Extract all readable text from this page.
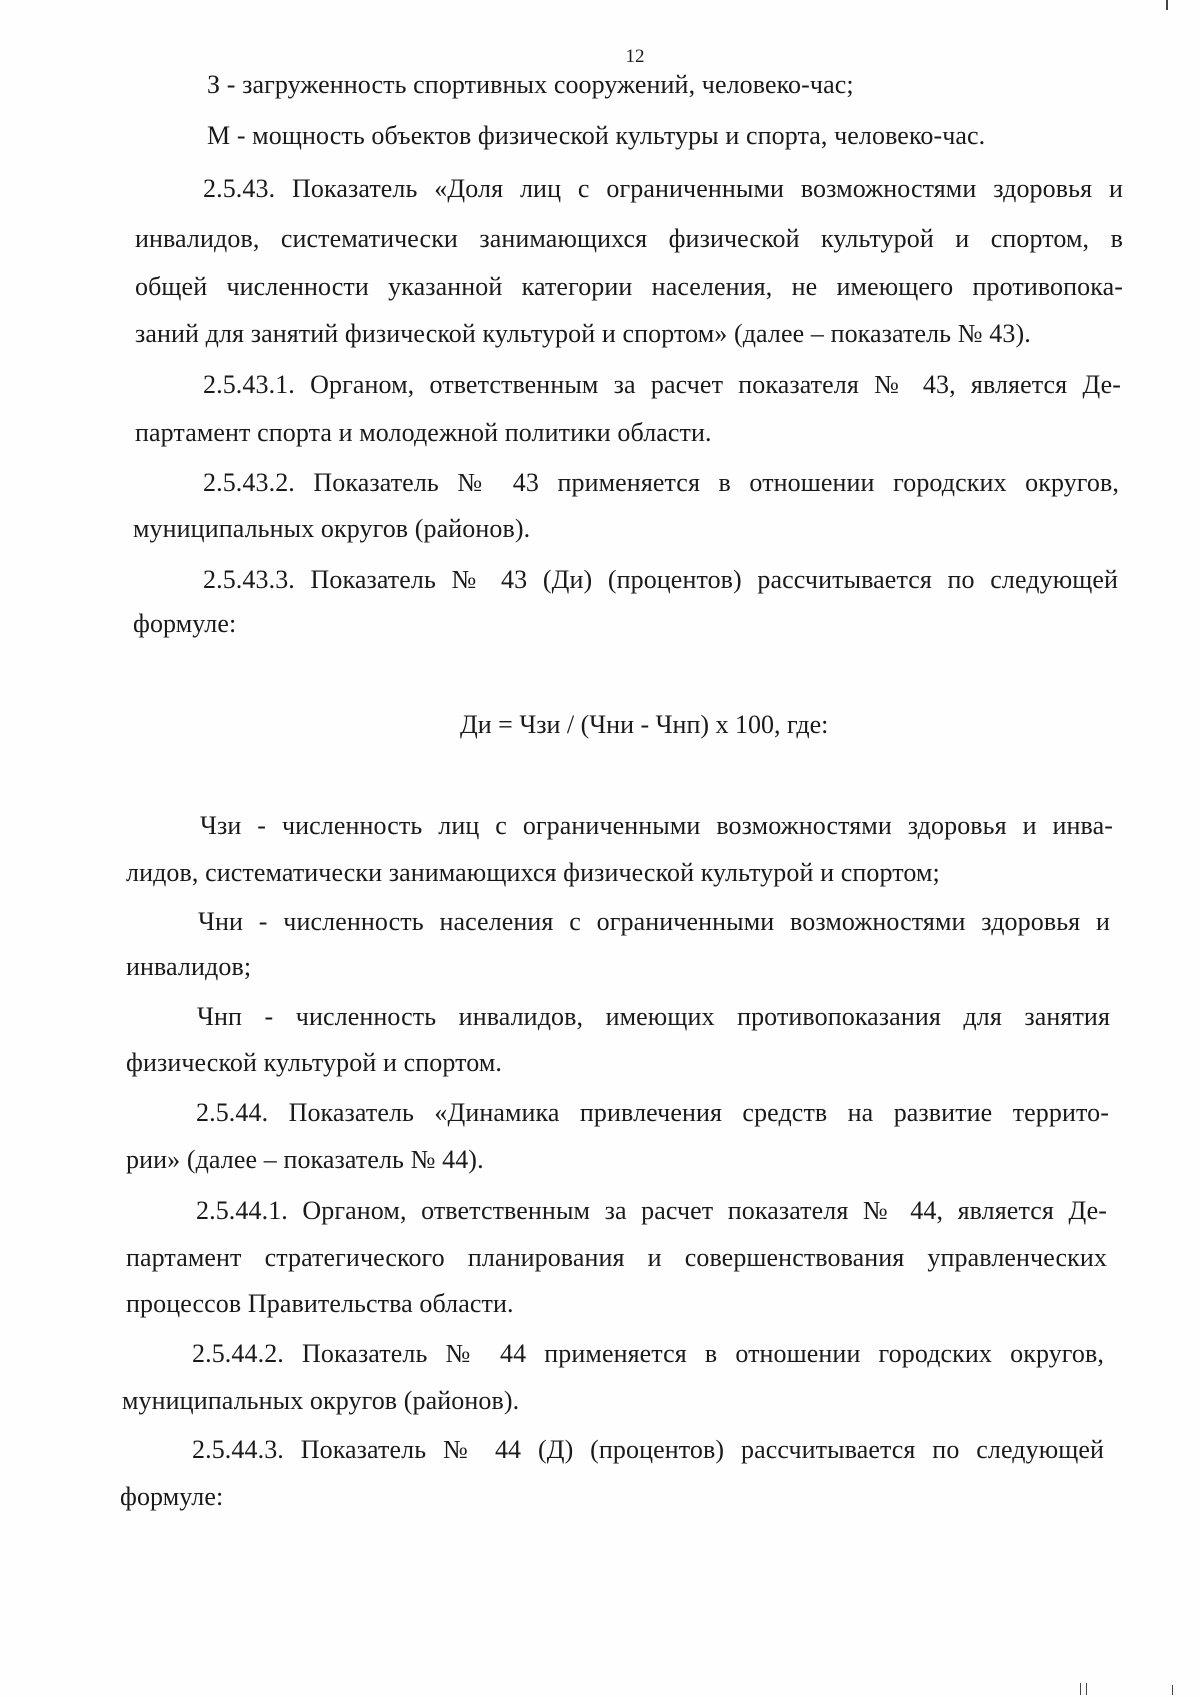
12
З - загруженность спортивных сооружений, человеко-час;
М - мощность объектов физической культуры и спорта, человеко-час.
2.5.43. Показатель «Доля лиц с ограниченными возможностями здоровья и
инвалидов, систематически занимающихся физической культурой и спортом, в
общей численности указанной категории населения, не имеющего противопока-
заний для занятий физической культурой и спортом» (далее – показатель № 43).
2.5.43.1. Органом, ответственным за расчет показателя № 43, является Де-
партамент спорта и молодежной политики области.
2.5.43.2. Показатель № 43 применяется в отношении городских округов,
муниципальных округов (районов).
2.5.43.3. Показатель № 43 (Ди) (процентов) рассчитывается по следующей
формуле:
Ди = Чзи / (Чни - Чнп) х 100, где:
Чзи - численность лиц с ограниченными возможностями здоровья и инва-
лидов, систематически занимающихся физической культурой и спортом;
Чни - численность населения с ограниченными возможностями здоровья и
инвалидов;
Чнп - численность инвалидов, имеющих противопоказания для занятия
физической культурой и спортом.
2.5.44. Показатель «Динамика привлечения средств на развитие террито-
рии» (далее – показатель № 44).
2.5.44.1. Органом, ответственным за расчет показателя № 44, является Де-
партамент стратегического планирования и совершенствования управленческих
процессов Правительства области.
2.5.44.2. Показатель № 44 применяется в отношении городских округов,
муниципальных округов (районов).
2.5.44.3. Показатель № 44 (Д) (процентов) рассчитывается по следующей
формуле:
